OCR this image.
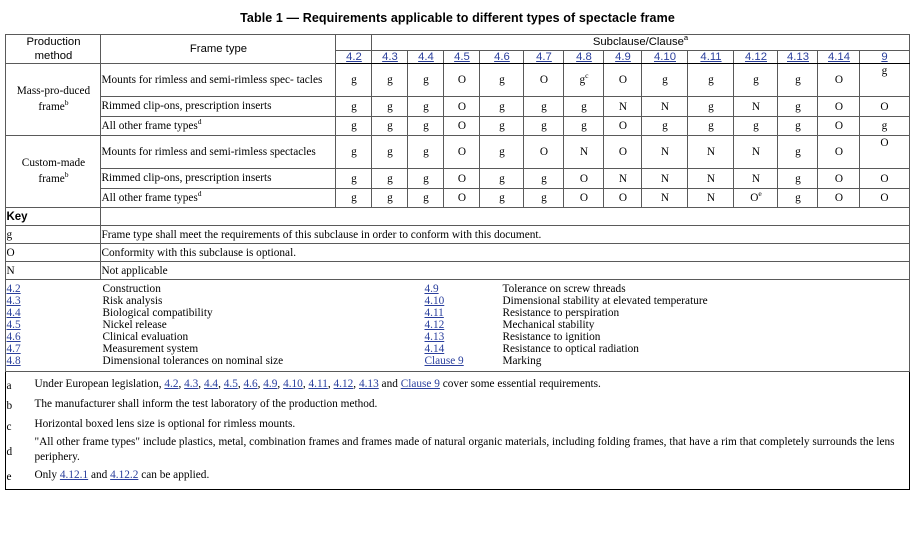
Table 1 — Requirements applicable to different types of spectacle frame
Production method	Frame type		Subclause/Clause$^a$
4.2	4.3	4.4	4.5	4.6	4.7	4.8	4.9	4.10	4.11	4.12	4.13	4.14	9
Mass-pro-duced frame$^b$	Mounts for rimless and semi-rimless spec- tacles	g	g	g	O	g	O	$g^c$	O	g	g	g	g	O	g
Rimmed clip-ons, prescription inserts	g	g	g	O	g	g	g	N	N	g	N	g	O	O
All other frame types$^d$	g	g	g	O	g	g	g	O	g	g	g	g	O	g
Custom-made frame$^b$	Mounts for rimless and semi-rimless spectacles	g	g	g	O	g	O	N	O	N	N	N	g	O	O
Rimmed clip-ons, prescription inserts	g	g	g	O	g	g	O	N	N	N	N	g	O	O
All other frame types$^d$	g	g	g	O	g	g	O	O	N	N	$O^e$	g	O	O
Key	
g	Frame type shall meet the requirements of this subclause in order to conform with this document.
O	Conformity with this subclause is optional.
N	Not applicable

4.2	Construction	4.9	Tolerance on screw threads
4.3	Risk analysis	4.10	Dimensional stability at elevated temperature
4.4	Biological compatibility	4.11	Resistance to perspiration
4.5	Nickel release	4.12	Mechanical stability
4.6	Clinical evaluation	4.13	Resistance to ignition
4.7	Measurement system	4.14	Resistance to optical radiation
4.8	Dimensional tolerances on nominal size	Clause 9	Marking

a	Under European legislation, 4.2, 4.3, 4.4, 4.5, 4.6, 4.9, 4.10, 4.11, 4.12, 4.13 and Clause 9 cover some essential requirements.
b	The manufacturer shall inform the test laboratory of the production method.
c	Horizontal boxed lens size is optional for rimless mounts.
d	"All other frame types" include plastics, metal, combination frames and frames made of natural organic materials, including folding frames, that have a rim that completely surrounds the lens periphery.
e	Only 4.12.1 and 4.12.2 can be applied.
